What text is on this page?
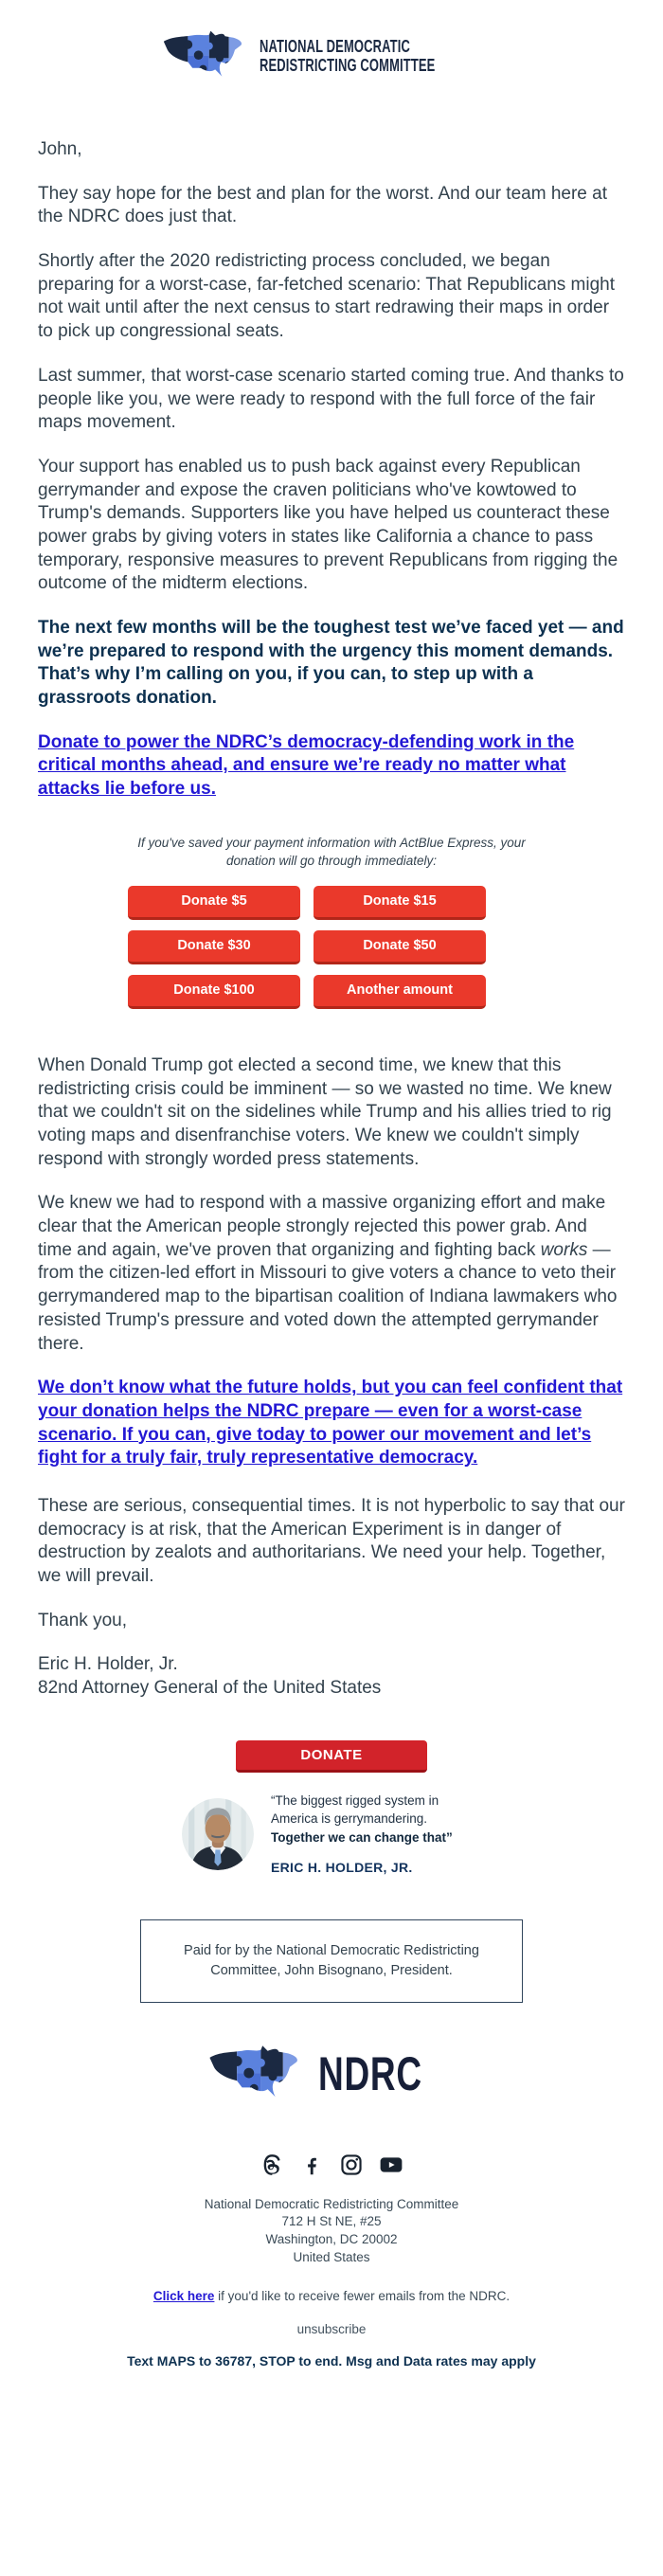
NATIONAL DEMOCRATIC
REDISTRICTING COMMITTEE

John,

They say hope for the best and plan for the worst. And our team here at the NDRC does just that.

Shortly after the 2020 redistricting process concluded, we began preparing for a worst-case, far-fetched scenario: That Republicans might not wait until after the next census to start redrawing their maps in order to pick up congressional seats.

Last summer, that worst-case scenario started coming true. And thanks to people like you, we were ready to respond with the full force of the fair maps movement.

Your support has enabled us to push back against every Republican gerrymander and expose the craven politicians who've kowtowed to Trump's demands. Supporters like you have helped us counteract these power grabs by giving voters in states like California a chance to pass temporary, responsive measures to prevent Republicans from rigging the outcome of the midterm elections.

The next few months will be the toughest test we’ve faced yet — and we’re prepared to respond with the urgency this moment demands. That’s why I’m calling on you, if you can, to step up with a grassroots donation.

Donate to power the NDRC’s democracy-defending work in the critical months ahead, and ensure we’re ready no matter what attacks lie before us.
If you've saved your payment information with ActBlue Express, your donation will go through immediately:
Donate $5	Donate $15
Donate $30	Donate $50
Donate $100	Another amount

When Donald Trump got elected a second time, we knew that this redistricting crisis could be imminent — so we wasted no time. We knew that we couldn't sit on the sidelines while Trump and his allies tried to rig voting maps and disenfranchise voters. We knew we couldn't simply respond with strongly worded press statements.

We knew we had to respond with a massive organizing effort and make clear that the American people strongly rejected this power grab. And time and again, we've proven that organizing and fighting back works — from the citizen-led effort in Missouri to give voters a chance to veto their gerrymandered map to the bipartisan coalition of Indiana lawmakers who resisted Trump's pressure and voted down the attempted gerrymander there.

We don’t know what the future holds, but you can feel confident that your donation helps the NDRC prepare — even for a worst-case scenario. If you can, give today to power our movement and let’s fight for a truly fair, truly representative democracy.

These are serious, consequential times. It is not hyperbolic to say that our democracy is at risk, that the American Experiment is in danger of destruction by zealots and authoritarians. We need your help. Together, we will prevail.

Thank you,

Eric H. Holder, Jr.
82nd Attorney General of the United States

DONATE
“The biggest rigged system in America is gerrymandering. Together we can change that”
ERIC H. HOLDER, JR.
Paid for by the National Democratic Redistricting Committee, John Bisognano, President.
NDRC
National Democratic Redistricting Committee
712 H St NE, #25
Washington, DC 20002
United States
Click here if you'd like to receive fewer emails from the NDRC.
unsubscribe
Text MAPS to 36787, STOP to end. Msg and Data rates may apply
